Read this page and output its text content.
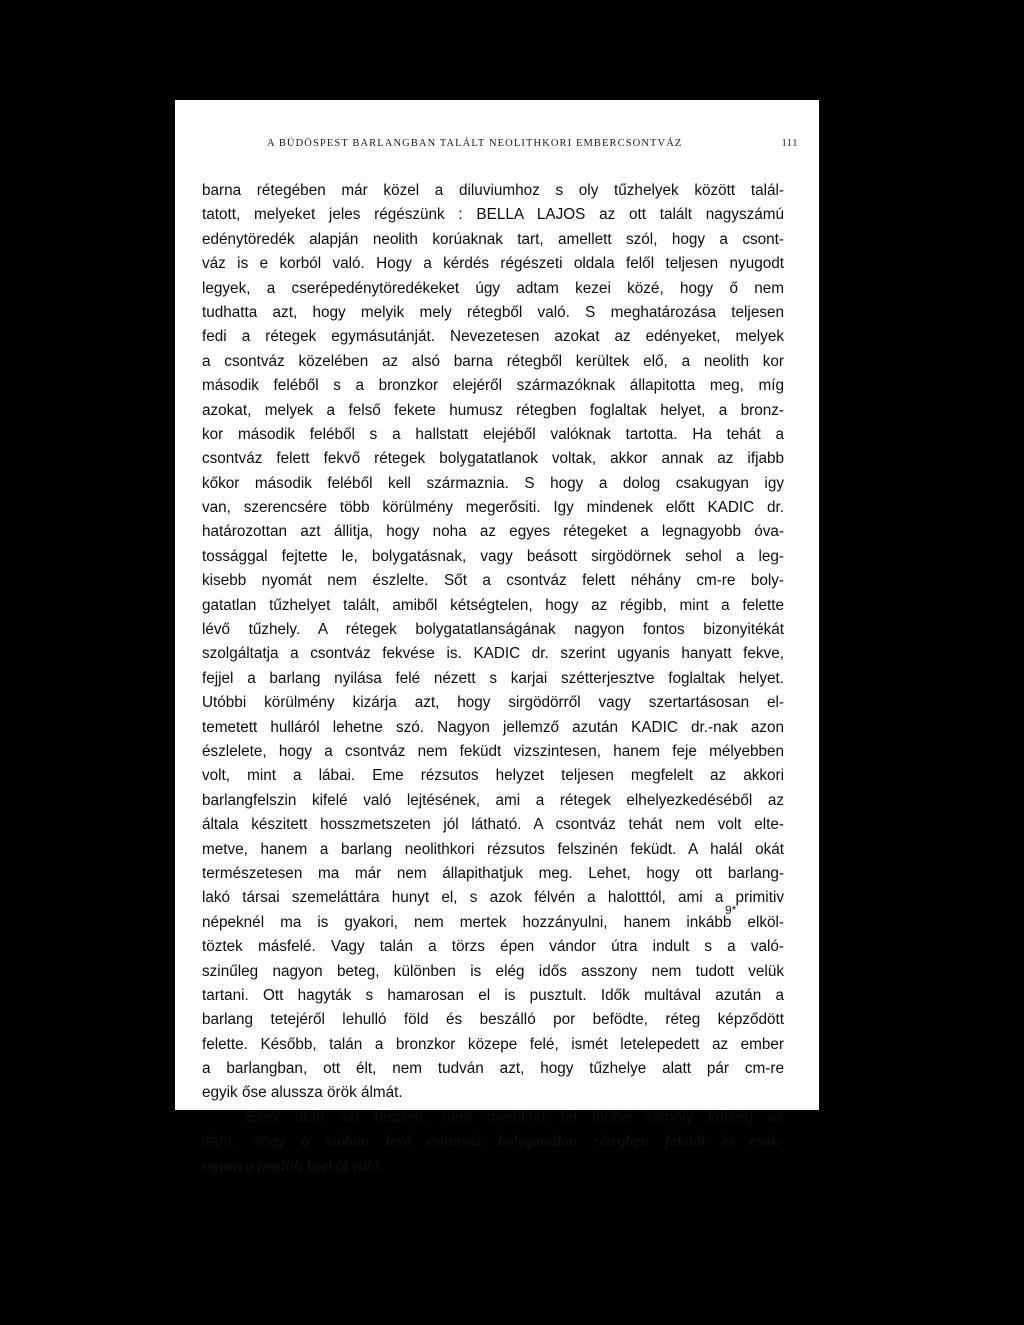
A BÜDÖSPEST BARLANGBAN TALÁLT NEOLITHKORI EMBERCSONTVÁZ	111
barna rétegében már közel a diluviumhoz s oly tűzhelyek között talál-
tatott, melyeket jeles régészünk : BELLA LAJOS az ott talált nagyszámú
edénytöredék alapján neolith korúaknak tart, amellett szól, hogy a csont-
váz is e korból való. Hogy a kérdés régészeti oldala felől teljesen nyugodt
legyek, a cserépedénytöredékeket úgy adtam kezei közé, hogy ő nem
tudhatta azt, hogy melyik mely rétegből való. S meghatározása teljesen
fedi a rétegek egymásutánját. Nevezetesen azokat az edényeket, melyek
a csontváz közelében az alsó barna rétegből kerültek elő, a neolith kor
második feléből s a bronzkor elejéről származóknak állapitotta meg, míg
azokat, melyek a felső fekete humusz rétegben foglaltak helyet, a bronz-
kor második feléből s a hallstatt elejéből valóknak tartotta. Ha tehát a
csontváz felett fekvő rétegek bolygatatlanok voltak, akkor annak az ifjabb
kőkor második feléből kell származnia. S hogy a dolog csakugyan igy
van, szerencsére több körülmény megerősiti. Igy mindenek előtt KADIC dr.
határozottan azt állitja, hogy noha az egyes rétegeket a legnagyobb óva-
tossággal fejtette le, bolygatásnak, vagy beásott sirgödörnek sehol a leg-
kisebb nyomát nem észlelte. Sőt a csontváz felett néhány cm-re boly-
gatatlan tűzhelyet talált, amiből kétségtelen, hogy az régibb, mint a felette
lévő tűzhely. A rétegek bolygatatlanságának nagyon fontos bizonyitékát
szolgáltatja a csontváz fekvése is. KADIC dr. szerint ugyanis hanyatt fekve,
fejjel a barlang nyilása felé nézett s karjai szétterjesztve foglaltak helyet.
Utóbbi körülmény kizárja azt, hogy sirgödörről vagy szertartásosan el-
temetett hulláról lehetne szó. Nagyon jellemző azután KADIC dr.-nak azon
észlelete, hogy a csontváz nem feküdt vizszintesen, hanem feje mélyebben
volt, mint a lábai. Eme rézsutos helyzet teljesen megfelelt az akkori
barlangfelszin kifelé való lejtésének, ami a rétegek elhelyezkedéséből az
általa készitett hosszmetszeten jól látható. A csontváz tehát nem volt elte-
metve, hanem a barlang neolithkori rézsutos felszinén feküdt. A halál okát
természetesen ma már nem állapithatjuk meg. Lehet, hogy ott barlang-
lakó társai szemeláttára hunyt el, s azok félvén a halotttól, ami a primitiv
népeknél ma is gyakori, nem mertek hozzányulni, hanem inkább elköl-
töztek másfelé. Vagy talán a törzs épen vándor útra indult s a való-
szinűleg nagyon beteg, különben is elég idős asszony nem tudott velük
tartani. Ott hagyták s hamarosan el is pusztult. Idők multával azután a
barlang tetejéről lehulló föld és beszálló por befödte, réteg képződött
felette. Később, talán a bronzkor közepe felé, ismét letelepedett az ember
a barlangban, ott élt, nem tudván azt, hogy tűzhelye alatt pár cm-re
egyik őse alussza örök álmát.
Ezek után azt hiszem, nem merülhet fel többé komoly kétség az
iránt, hogy a szóban levő csontváz bolygatatlan rétegben feküdt és csak-
ugyan a neolith korból való.
9*
